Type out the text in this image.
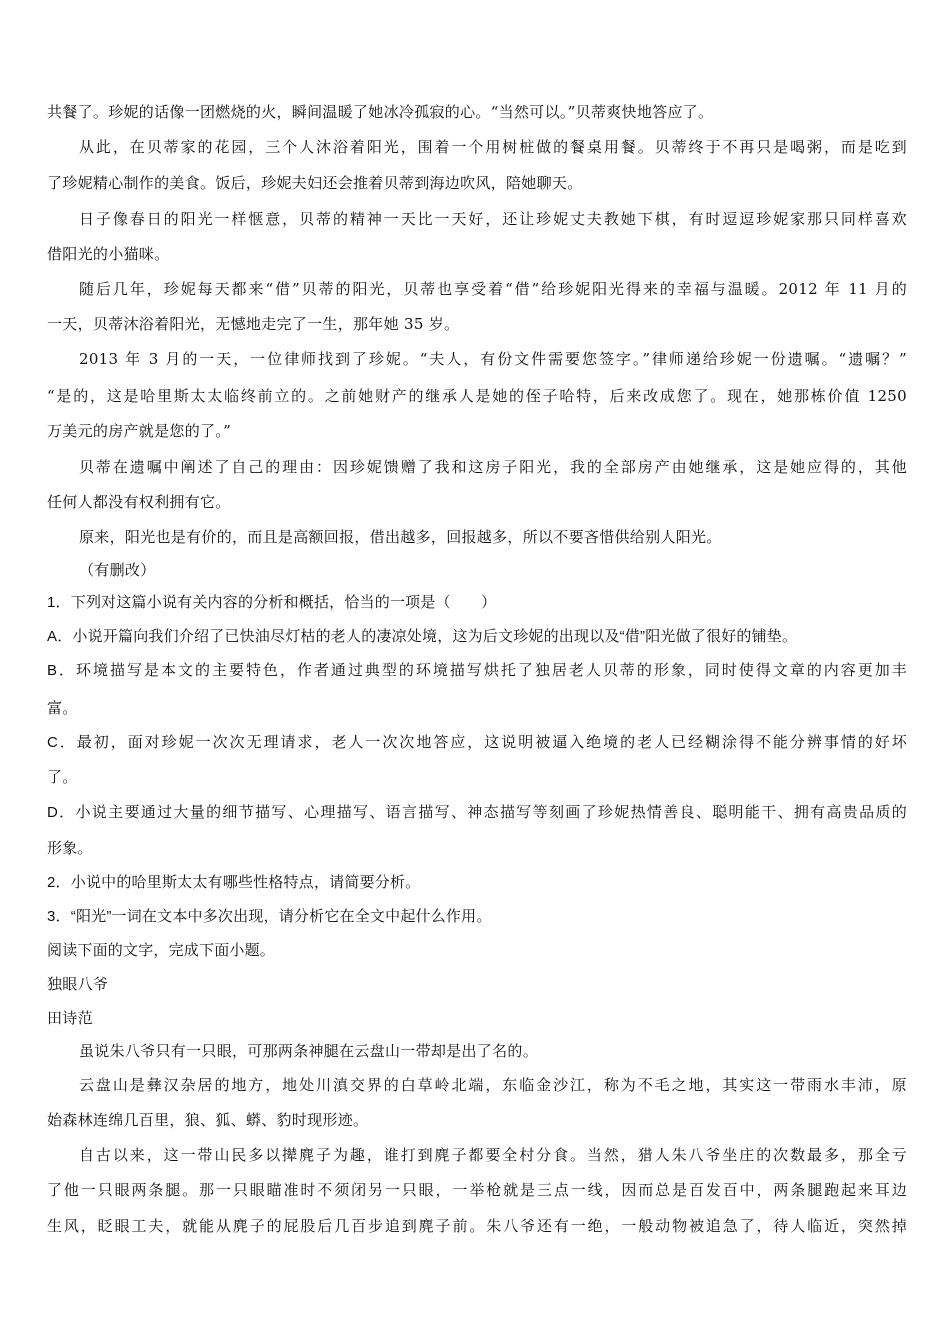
共餐了。珍妮的话像一团燃烧的火，瞬间温暖了她冰冷孤寂的心。“当然可以。”贝蒂爽快地答应了。
从此，在贝蒂家的花园，三个人沐浴着阳光，围着一个用树桩做的餐桌用餐。贝蒂终于不再只是喝粥，而是吃到
了珍妮精心制作的美食。饭后，珍妮夫妇还会推着贝蒂到海边吹风，陪她聊天。
日子像春日的阳光一样惬意，贝蒂的精神一天比一天好，还让珍妮丈夫教她下棋，有时逗逗珍妮家那只同样喜欢
借阳光的小猫咪。
随后几年，珍妮每天都来“借”贝蒂的阳光，贝蒂也享受着“借”给珍妮阳光得来的幸福与温暖。2012 年 11 月的
一天，贝蒂沐浴着阳光，无憾地走完了一生，那年她 35 岁。
2013 年 3 月的一天，一位律师找到了珍妮。“夫人，有份文件需要您签字。”律师递给珍妮一份遗嘱。“遗嘱？”
“是的，这是哈里斯太太临终前立的。之前她财产的继承人是她的侄子哈特，后来改成您了。现在，她那栋价值 1250
万美元的房产就是您的了。”
贝蒂在遗嘱中阐述了自己的理由：因珍妮馈赠了我和这房子阳光，我的全部房产由她继承，这是她应得的，其他
任何人都没有权利拥有它。
原来，阳光也是有价的，而且是高额回报，借出越多，回报越多，所以不要吝惜供给别人阳光。
（有删改）
1．下列对这篇小说有关内容的分析和概括，恰当的一项是（　　）
A．小说开篇向我们介绍了已快油尽灯枯的老人的凄凉处境，这为后文珍妮的出现以及“借”阳光做了很好的铺垫。
B．环境描写是本文的主要特色，作者通过典型的环境描写烘托了独居老人贝蒂的形象，同时使得文章的内容更加丰
富。
C．最初，面对珍妮一次次无理请求，老人一次次地答应，这说明被逼入绝境的老人已经糊涂得不能分辨事情的好坏
了。
D．小说主要通过大量的细节描写、心理描写、语言描写、神态描写等刻画了珍妮热情善良、聪明能干、拥有高贵品质的
形象。
2．小说中的哈里斯太太有哪些性格特点，请简要分析。
3．“阳光”一词在文本中多次出现，请分析它在全文中起什么作用。
阅读下面的文字，完成下面小题。
独眼八爷
田诗范
虽说朱八爷只有一只眼，可那两条神腿在云盘山一带却是出了名的。
云盘山是彝汉杂居的地方，地处川滇交界的白草岭北端，东临金沙江，称为不毛之地，其实这一带雨水丰沛，原
始森林连绵几百里，狼、狐、蟒、豹时现形迹。
自古以来，这一带山民多以撵麂子为趣，谁打到麂子都要全村分食。当然，猎人朱八爷坐庄的次数最多，那全亏
了他一只眼两条腿。那一只眼瞄准时不须闭另一只眼，一举枪就是三点一线，因而总是百发百中，两条腿跑起来耳边
生风，眨眼工夫，就能从麂子的屁股后几百步追到麂子前。朱八爷还有一绝，一般动物被追急了，待人临近，突然掉
